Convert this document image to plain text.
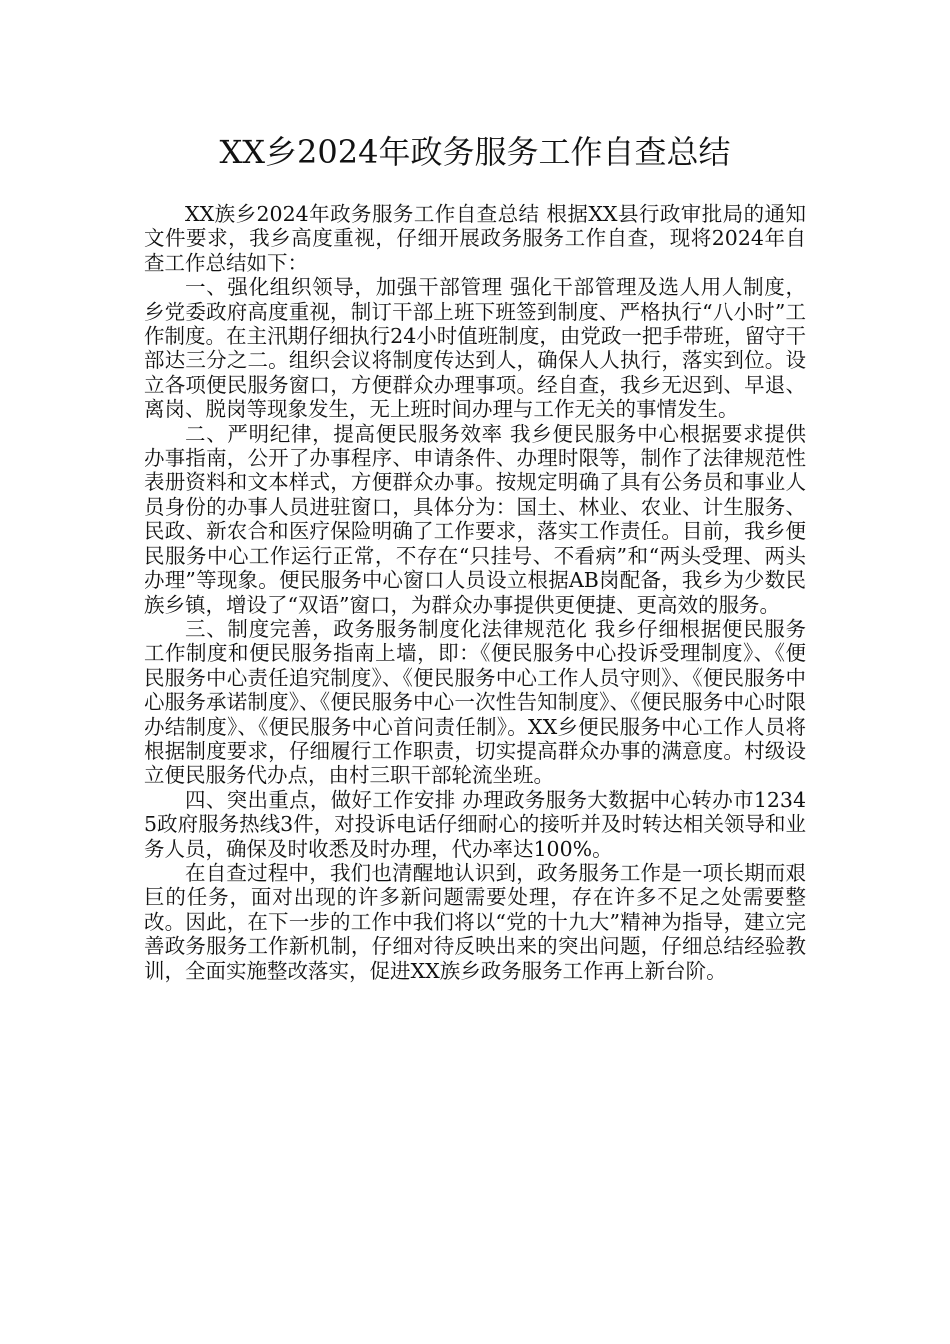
XX乡2024年政务服务工作自查总结

XX族乡2024年政务服务工作自查总结 根据XX县行政审批局的通知文件要求，我乡高度重视，仔细开展政务服务工作自查，现将2024年自查工作总结如下：

一、强化组织领导，加强干部管理 强化干部管理及选人用人制度，乡党委政府高度重视，制订干部上班下班签到制度、严格执行“八小时”工作制度。在主汛期仔细执行24小时值班制度，由党政一把手带班，留守干部达三分之二。组织会议将制度传达到人，确保人人执行，落实到位。设立各项便民服务窗口，方便群众办理事项。经自查，我乡无迟到、早退、离岗、脱岗等现象发生，无上班时间办理与工作无关的事情发生。

二、严明纪律，提高便民服务效率 我乡便民服务中心根据要求提供办事指南，公开了办事程序、申请条件、办理时限等，制作了法律规范性表册资料和文本样式，方便群众办事。按规定明确了具有公务员和事业人员身份的办事人员进驻窗口，具体分为：国土、林业、农业、计生服务、民政、新农合和医疗保险明确了工作要求，落实工作责任。目前，我乡便民服务中心工作运行正常，不存在“只挂号、不看病”和“两头受理、两头办理”等现象。便民服务中心窗口人员设立根据AB岗配备，我乡为少数民族乡镇，增设了“双语”窗口，为群众办事提供更便捷、更高效的服务。

三、制度完善，政务服务制度化法律规范化 我乡仔细根据便民服务工作制度和便民服务指南上墙，即：《便民服务中心投诉受理制度》、《便民服务中心责任追究制度》、《便民服务中心工作人员守则》、《便民服务中心服务承诺制度》、《便民服务中心一次性告知制度》、《便民服务中心时限办结制度》、《便民服务中心首问责任制》。XX乡便民服务中心工作人员将根据制度要求，仔细履行工作职责，切实提高群众办事的满意度。村级设立便民服务代办点，由村三职干部轮流坐班。

四、突出重点，做好工作安排 办理政务服务大数据中心转办市12345政府服务热线3件，对投诉电话仔细耐心的接听并及时转达相关领导和业务人员，确保及时收悉及时办理，代办率达100%。

在自查过程中，我们也清醒地认识到，政务服务工作是一项长期而艰巨的任务，面对出现的许多新问题需要处理，存在许多不足之处需要整改。因此，在下一步的工作中我们将以“党的十九大”精神为指导，建立完善政务服务工作新机制，仔细对待反映出来的突出问题，仔细总结经验教训，全面实施整改落实，促进XX族乡政务服务工作再上新台阶。
